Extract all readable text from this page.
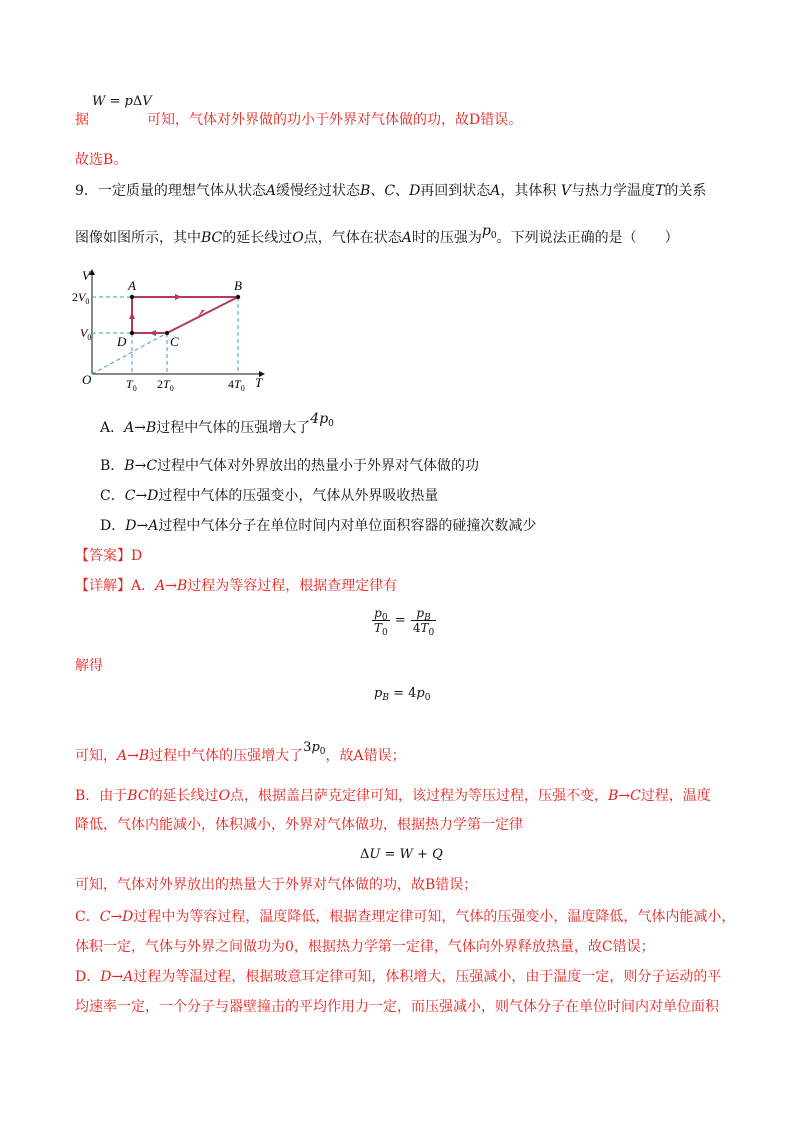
W = pΔV
据	可知，气体对外界做的功小于外界对气体做的功，故D错误。
故选B。
9．一定质量的理想气体从状态A缓慢经过状态B、C、D再回到状态A，其体积 V与热力学温度T的关系
图像如图所示，其中BC的延长线过O点，气体在状态A时的压强为$p_0$。下列说法正确的是（　　）
V
T
O
A	B
C
D
$2V_0$
$V_0$
$T_0$ $2T_0$	$4T_0$
A．A→B过程中气体的压强增大了$4p_0$
B．B→C过程中气体对外界放出的热量小于外界对气体做的功
C．C→D过程中气体的压强变小，气体从外界吸收热量
D．D→A过程中气体分子在单位时间内对单位面积容器的碰撞次数减少
【答案】D
【详解】A．A→B过程为等容过程，根据查理定律有
$\frac{p_0}{T_0} = \frac{p_B}{4T_0}$
解得
$p_B = 4p_0$
可知，A→B过程中气体的压强增大了$3p_0$，故A错误；
B．由于BC的延长线过O点，根据盖吕萨克定律可知，该过程为等压过程，压强不变，B→C过程，温度
降低，气体内能减小，体积减小，外界对气体做功，根据热力学第一定律
ΔU = W + Q
可知，气体对外界放出的热量大于外界对气体做的功，故B错误；
C．C→D过程中为等容过程，温度降低，根据查理定律可知，气体的压强变小，温度降低，气体内能减小，
体积一定，气体与外界之间做功为0，根据热力学第一定律，气体向外界释放热量，故C错误；
D．D→A过程为等温过程，根据玻意耳定律可知，体积增大，压强减小，由于温度一定，则分子运动的平
均速率一定，一个分子与器壁撞击的平均作用力一定，而压强减小，则气体分子在单位时间内对单位面积
